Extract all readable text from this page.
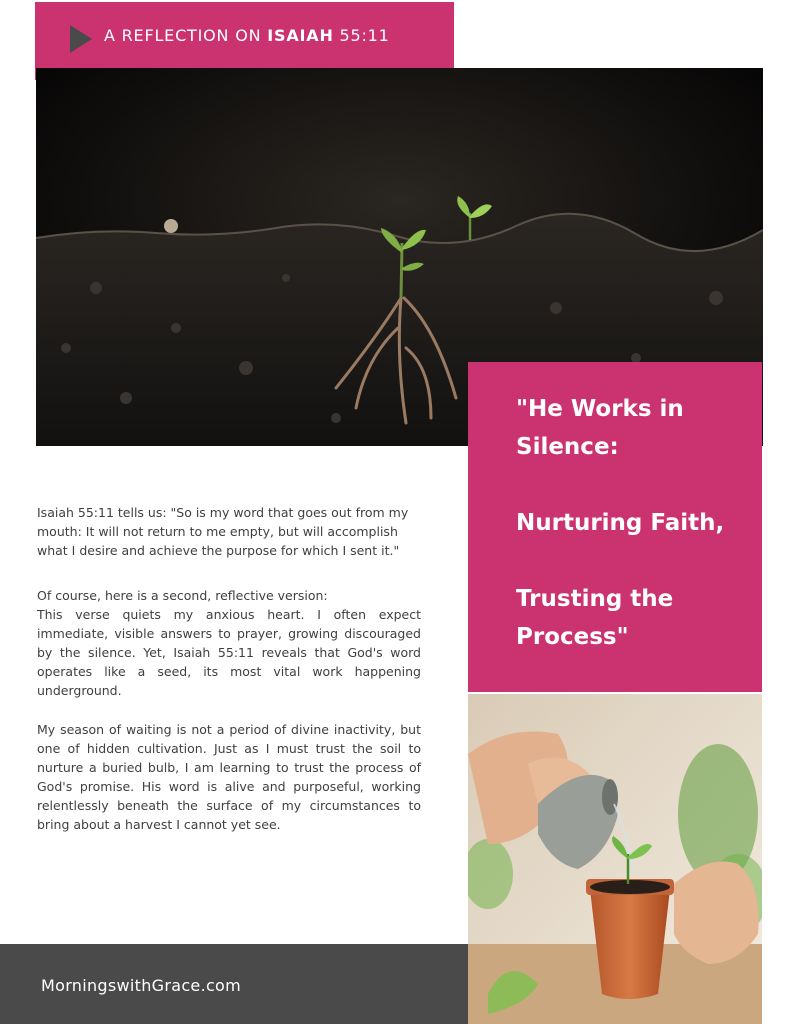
A REFLECTION ON ISAIAH 55:11

"He Works in

Silence:

Nurturing Faith,

Trusting the

Process"

Isaiah 55:11 tells us: "So is my word that goes out from my mouth: It will not return to me empty, but will accomplish what I desire and achieve the purpose for which I sent it."

Of course, here is a second, reflective version:
This verse quiets my anxious heart. I often expect immediate, visible answers to prayer, growing discouraged by the silence. Yet, Isaiah 55:11 reveals that God's word operates like a seed, its most vital work happening underground.

My season of waiting is not a period of divine inactivity, but one of hidden cultivation. Just as I must trust the soil to nurture a buried bulb, I am learning to trust the process of God's promise. His word is alive and purposeful, working relentlessly beneath the surface of my circumstances to bring about a harvest I cannot yet see.

MorningswithGrace.com
